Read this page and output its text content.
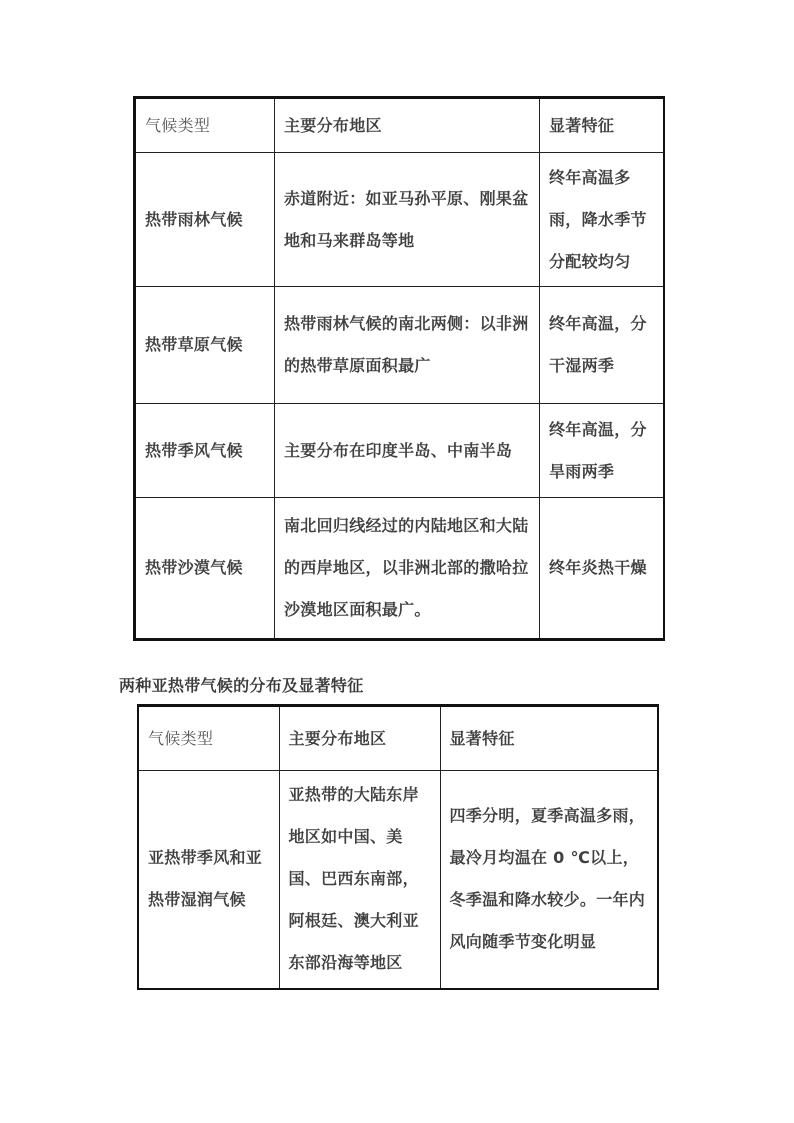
气候类型	主要分布地区	显著特征
热带雨林气候	赤道附近：如亚马孙平原、刚果盆地和马来群岛等地	终年高温多雨，降水季节分配较均匀
热带草原气候	热带雨林气候的南北两侧：以非洲的热带草原面积最广	终年高温，分干湿两季
热带季风气候	主要分布在印度半岛、中南半岛	终年高温，分旱雨两季
热带沙漠气候	南北回归线经过的内陆地区和大陆的西岸地区，以非洲北部的撒哈拉沙漠地区面积最广。	终年炎热干燥
两种亚热带气候的分布及显著特征
气候类型	主要分布地区	显著特征
亚热带季风和亚热带湿润气候	亚热带的大陆东岸地区如中国、美国、巴西东南部，阿根廷、澳大利亚东部沿海等地区	四季分明，夏季高温多雨，最冷月均温在 0 ℃以上，冬季温和降水较少。一年内风向随季节变化明显
